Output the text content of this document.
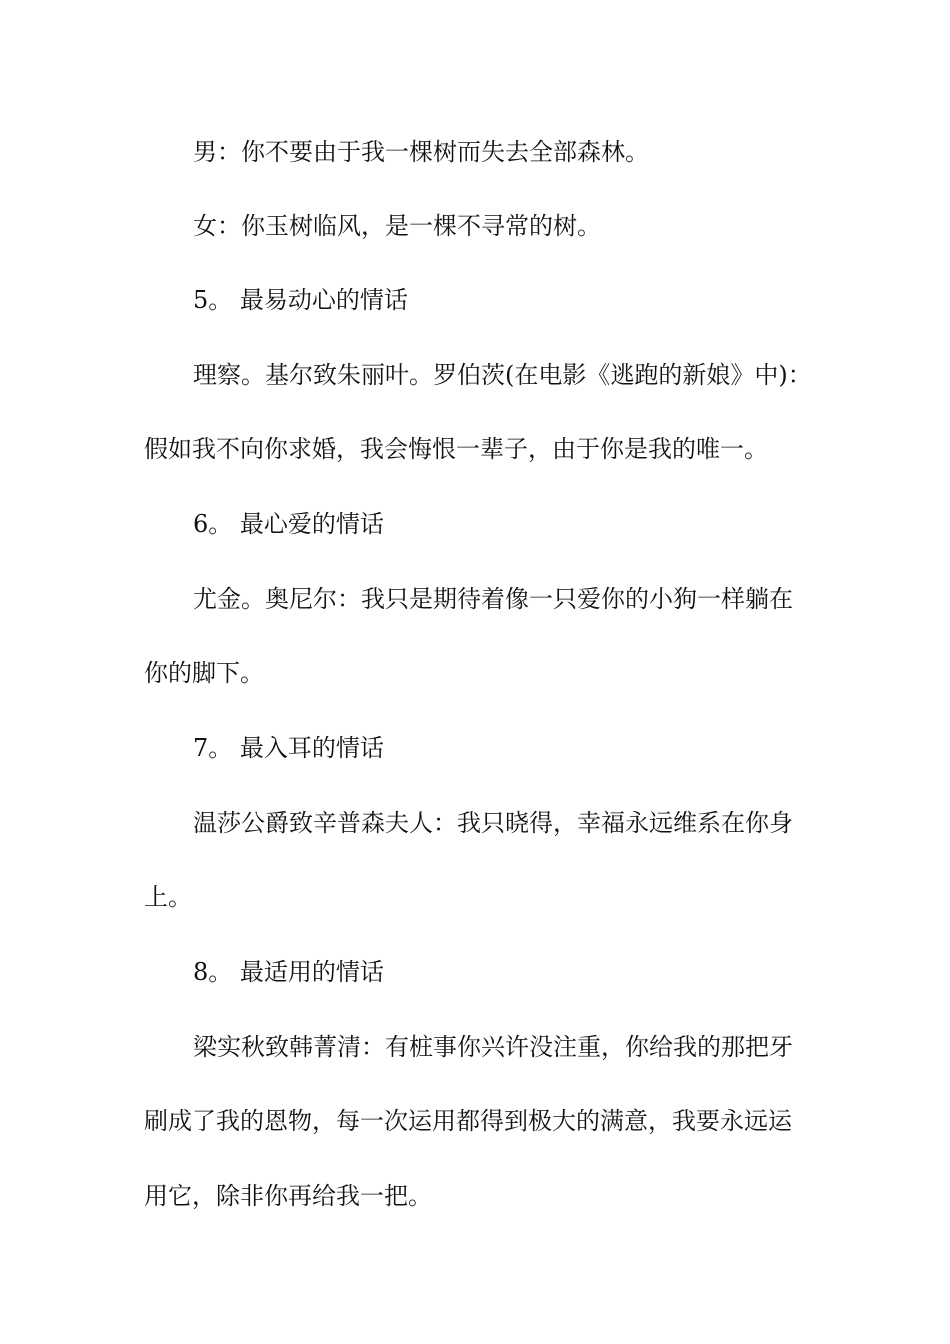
男：你不要由于我一棵树而失去全部森林。
女：你玉树临风，是一棵不寻常的树。
5。 最易动心的情话
理察。基尔致朱丽叶。罗伯茨(在电影《逃跑的新娘》中)：
假如我不向你求婚，我会悔恨一辈子，由于你是我的唯一。
6。 最心爱的情话
尤金。奥尼尔：我只是期待着像一只爱你的小狗一样躺在
你的脚下。
7。 最入耳的情话
温莎公爵致辛普森夫人：我只晓得，幸福永远维系在你身
上。
8。 最适用的情话
梁实秋致韩菁清：有桩事你兴许没注重，你给我的那把牙
刷成了我的恩物，每一次运用都得到极大的满意，我要永远运
用它，除非你再给我一把。
